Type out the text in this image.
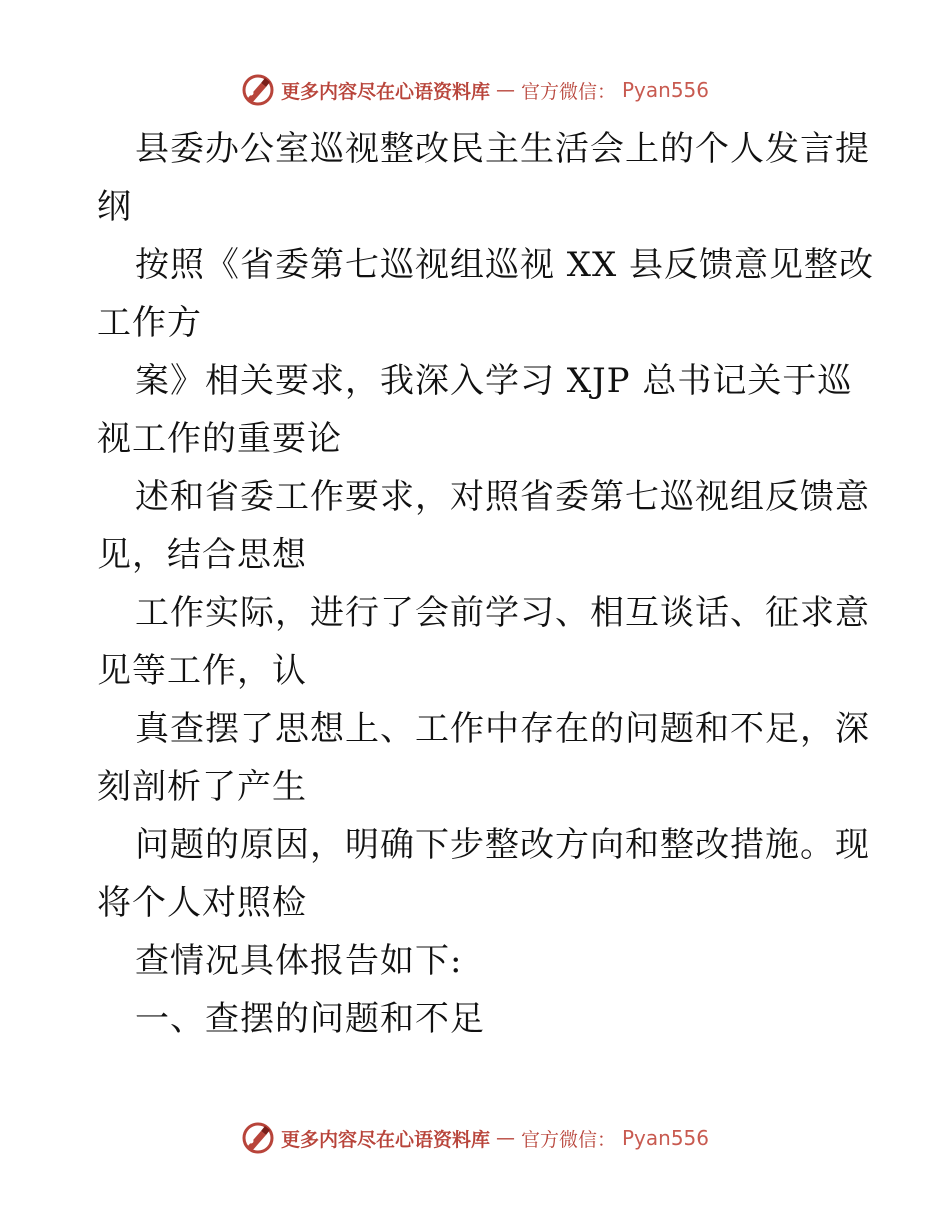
更多内容尽在心语资料库 — 官方微信： Pyan556
县委办公室巡视整改民主生活会上的个人发言提
纲
按照《省委第七巡视组巡视 XX 县反馈意见整改
工作方
案》相关要求，我深入学习 XJP 总书记关于巡
视工作的重要论
述和省委工作要求，对照省委第七巡视组反馈意
见，结合思想
工作实际，进行了会前学习、相互谈话、征求意
见等工作，认
真查摆了思想上、工作中存在的问题和不足，深
刻剖析了产生
问题的原因，明确下步整改方向和整改措施。现
将个人对照检
查情况具体报告如下:
一、查摆的问题和不足
更多内容尽在心语资料库 — 官方微信： Pyan556
